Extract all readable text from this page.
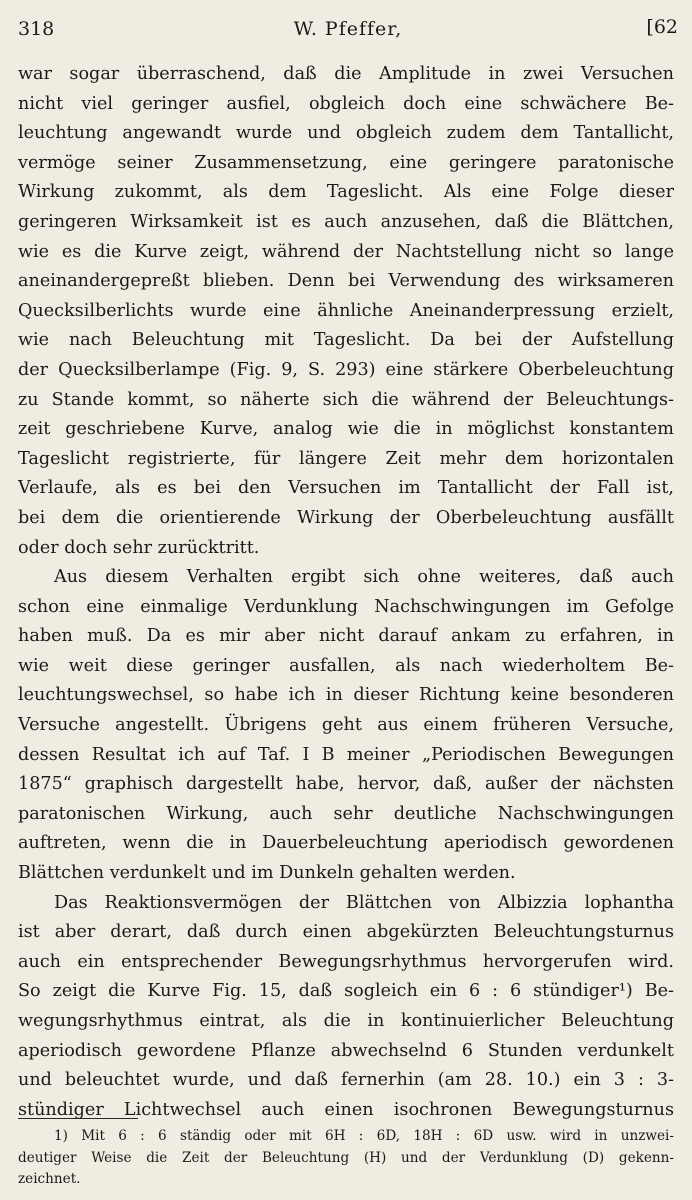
318	W. Pfeffer,	[62

war sogar überraschend, daß die Amplitude in zwei Versuchen
nicht viel geringer ausfiel, obgleich doch eine schwächere Be-
leuchtung angewandt wurde und obgleich zudem dem Tantallicht,
vermöge seiner Zusammensetzung, eine geringere paratonische
Wirkung zukommt, als dem Tageslicht. Als eine Folge dieser
geringeren Wirksamkeit ist es auch anzusehen, daß die Blättchen,
wie es die Kurve zeigt, während der Nachtstellung nicht so lange
aneinandergepreßt blieben. Denn bei Verwendung des wirksameren
Quecksilberlichts wurde eine ähnliche Aneinanderpressung erzielt,
wie nach Beleuchtung mit Tageslicht. Da bei der Aufstellung
der Quecksilberlampe (Fig. 9, S. 293) eine stärkere Oberbeleuchtung
zu Stande kommt, so näherte sich die während der Beleuchtungs-
zeit geschriebene Kurve, analog wie die in möglichst konstantem
Tageslicht registrierte, für längere Zeit mehr dem horizontalen
Verlaufe, als es bei den Versuchen im Tantallicht der Fall ist,
bei dem die orientierende Wirkung der Oberbeleuchtung ausfällt
oder doch sehr zurücktritt.

Aus diesem Verhalten ergibt sich ohne weiteres, daß auch
schon eine einmalige Verdunklung Nachschwingungen im Gefolge
haben muß. Da es mir aber nicht darauf ankam zu erfahren, in
wie weit diese geringer ausfallen, als nach wiederholtem Be-
leuchtungswechsel, so habe ich in dieser Richtung keine besonderen
Versuche angestellt. Übrigens geht aus einem früheren Versuche,
dessen Resultat ich auf Taf. I B meiner „Periodischen Bewegungen
1875“ graphisch dargestellt habe, hervor, daß, außer der nächsten
paratonischen Wirkung, auch sehr deutliche Nachschwingungen
auftreten, wenn die in Dauerbeleuchtung aperiodisch gewordenen
Blättchen verdunkelt und im Dunkeln gehalten werden.

Das Reaktionsvermögen der Blättchen von Albizzia lophantha
ist aber derart, daß durch einen abgekürzten Beleuchtungsturnus
auch ein entsprechender Bewegungsrhythmus hervorgerufen wird.
So zeigt die Kurve Fig. 15, daß sogleich ein 6 : 6 stündiger¹) Be-
wegungsrhythmus eintrat, als die in kontinuierlicher Beleuchtung
aperiodisch gewordene Pflanze abwechselnd 6 Stunden verdunkelt
und beleuchtet wurde, und daß fernerhin (am 28. 10.) ein 3 : 3-
stündiger Lichtwechsel auch einen isochronen Bewegungsturnus

1) Mit 6 : 6 ständig oder mit 6H : 6D, 18H : 6D usw. wird in unzwei-
deutiger Weise die Zeit der Beleuchtung (H) und der Verdunklung (D) gekenn-
zeichnet.
